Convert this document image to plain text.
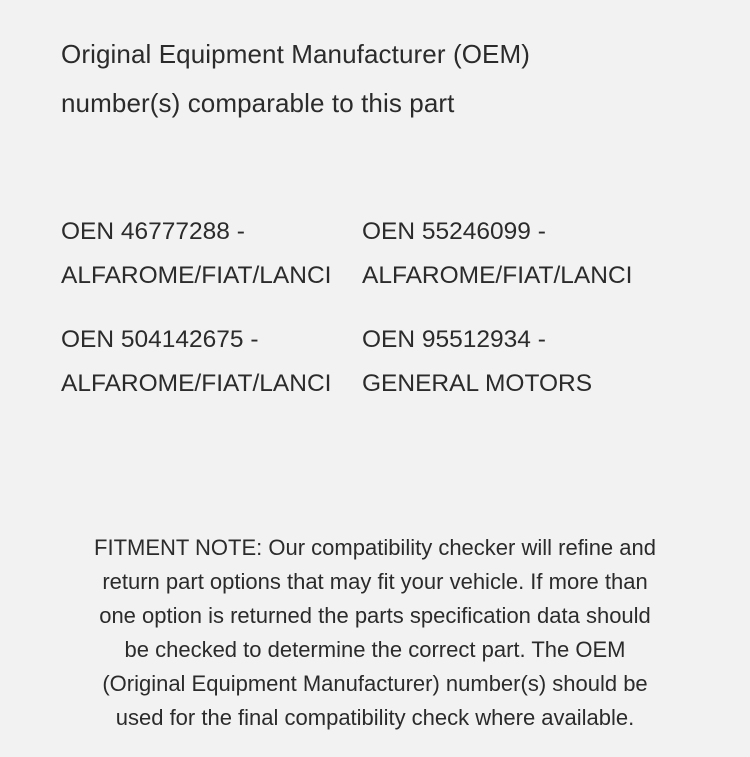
Original Equipment Manufacturer (OEM)
number(s) comparable to this part
OEN 46777288 -
ALFAROME/FIAT/LANCI
OEN 55246099 -
ALFAROME/FIAT/LANCI
OEN 504142675 -
ALFAROME/FIAT/LANCI
OEN 95512934 -
GENERAL MOTORS

FITMENT NOTE: Our compatibility checker will refine and
return part options that may fit your vehicle. If more than
one option is returned the parts specification data should
be checked to determine the correct part. The OEM
(Original Equipment Manufacturer) number(s) should be
used for the final compatibility check where available.
